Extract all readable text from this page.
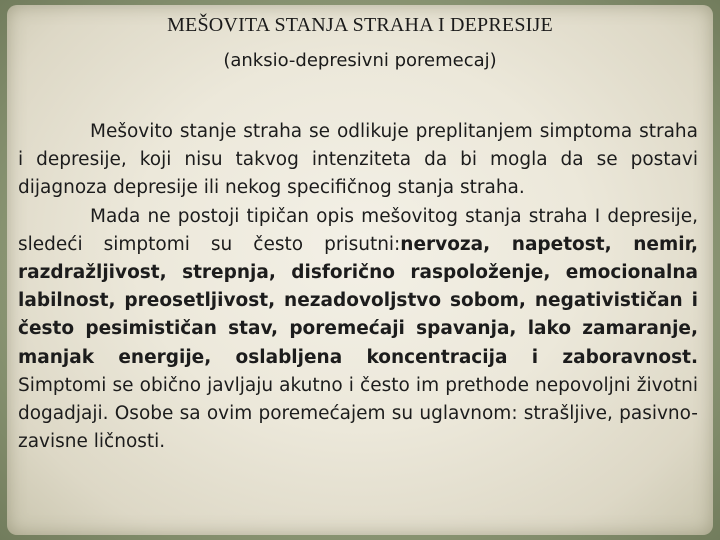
MEŠOVITA STANJA STRAHA I DEPRESIJE
(anksio-depresivni poremecaj)

Mešovito stanje straha se odlikuje preplitanjem simptoma straha i depresije, koji nisu takvog intenziteta da bi mogla da se postavi dijagnoza depresije ili nekog specifičnog stanja straha.

Mada ne postoji tipičan opis mešovitog stanja straha I depresije, sledeći simptomi su često prisutni:nervoza, napetost, nemir, razdražljivost, strepnja, disforično raspoloženje, emocionalna labilnost, preosetljivost, nezadovoljstvo sobom, negativističan i često pesimističan stav, poremećaji spavanja, lako zamaranje, manjak energije, oslabljena koncentracija i zaboravnost. Simptomi se obično javljaju akutno i često im prethode nepovoljni životni dogadjaji. Osobe sa ovim poremećajem su uglavnom: strašljive, pasivno-zavisne ličnosti.
